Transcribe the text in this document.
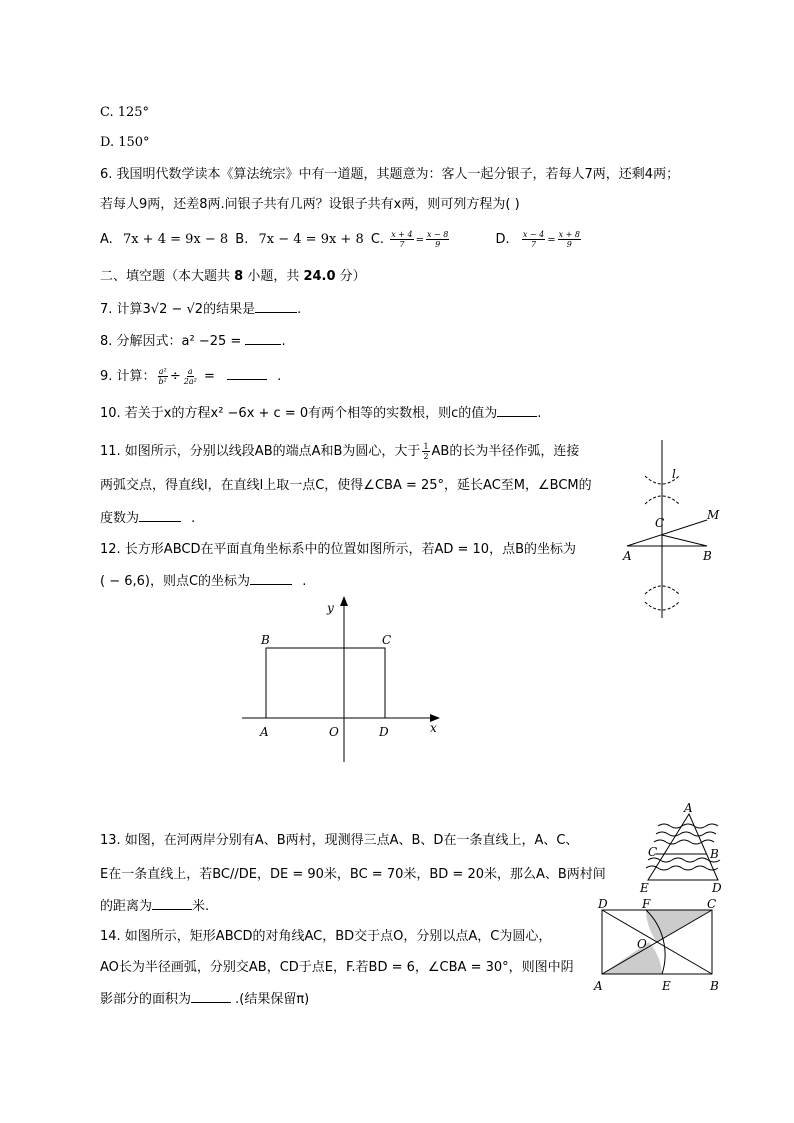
C. 125°
D. 150°
6. 我国明代数学读本《算法统宗》中有一道题，其题意为：客人一起分银子，若每人7两，还剩4两；
若每人9两，还差8两.问银子共有几两？设银子共有x两，则可列方程为( )
A. 7x + 4 = 9x − 8 B. 7x − 4 = 9x + 8 C. $\frac{x + 4}{7} = \frac{x - 8}{9}$	D. $\frac{x - 4}{7} = \frac{x + 8}{9}$
二、填空题（本大题共 8 小题，共 24.0 分）
7. 计算3√2 − √2的结果是	.
8. 分解因式：a² −25 =	.
9. 计算： $\frac{\text{a²}}{\text{b²}} \div \frac{a}{\text{2a²}}$ =	.
10. 若关于x的方程x² −6x + c = 0有两个相等的实数根，则c的值为	.
11. 如图所示，分别以线段AB的端点A和B为圆心，大于 $\frac{1}{2}$ AB的长为半径作弧，连接
两弧交点，得直线l，在直线l上取一点C，使得∠CBA = 25°，延长AC至M，∠BCM的
度数为	.
12. 长方形ABCD在平面直角坐标系中的位置如图所示，若AD = 10，点B的坐标为
( − 6,6)，则点C的坐标为	.
13. 如图，在河两岸分别有A、B两村，现测得三点A、B、D在一条直线上，A、C、
E在一条直线上，若BC//DE，DE = 90米，BC = 70米，BD = 20米，那么A、B两村间
的距离为	米.
14. 如图所示，矩形ABCD的对角线AC，BD交于点O，分别以点A，C为圆心，
AO长为半径画弧，分别交AB，CD于点E，F.若BD = 6，∠CBA = 30°，则图中阴
影部分的面积为	.(结果保留π)
l
C
M
A	B
y
x
B	C
A	O	D
A
C	B
E	D
D	F	C
O
A	E	B
